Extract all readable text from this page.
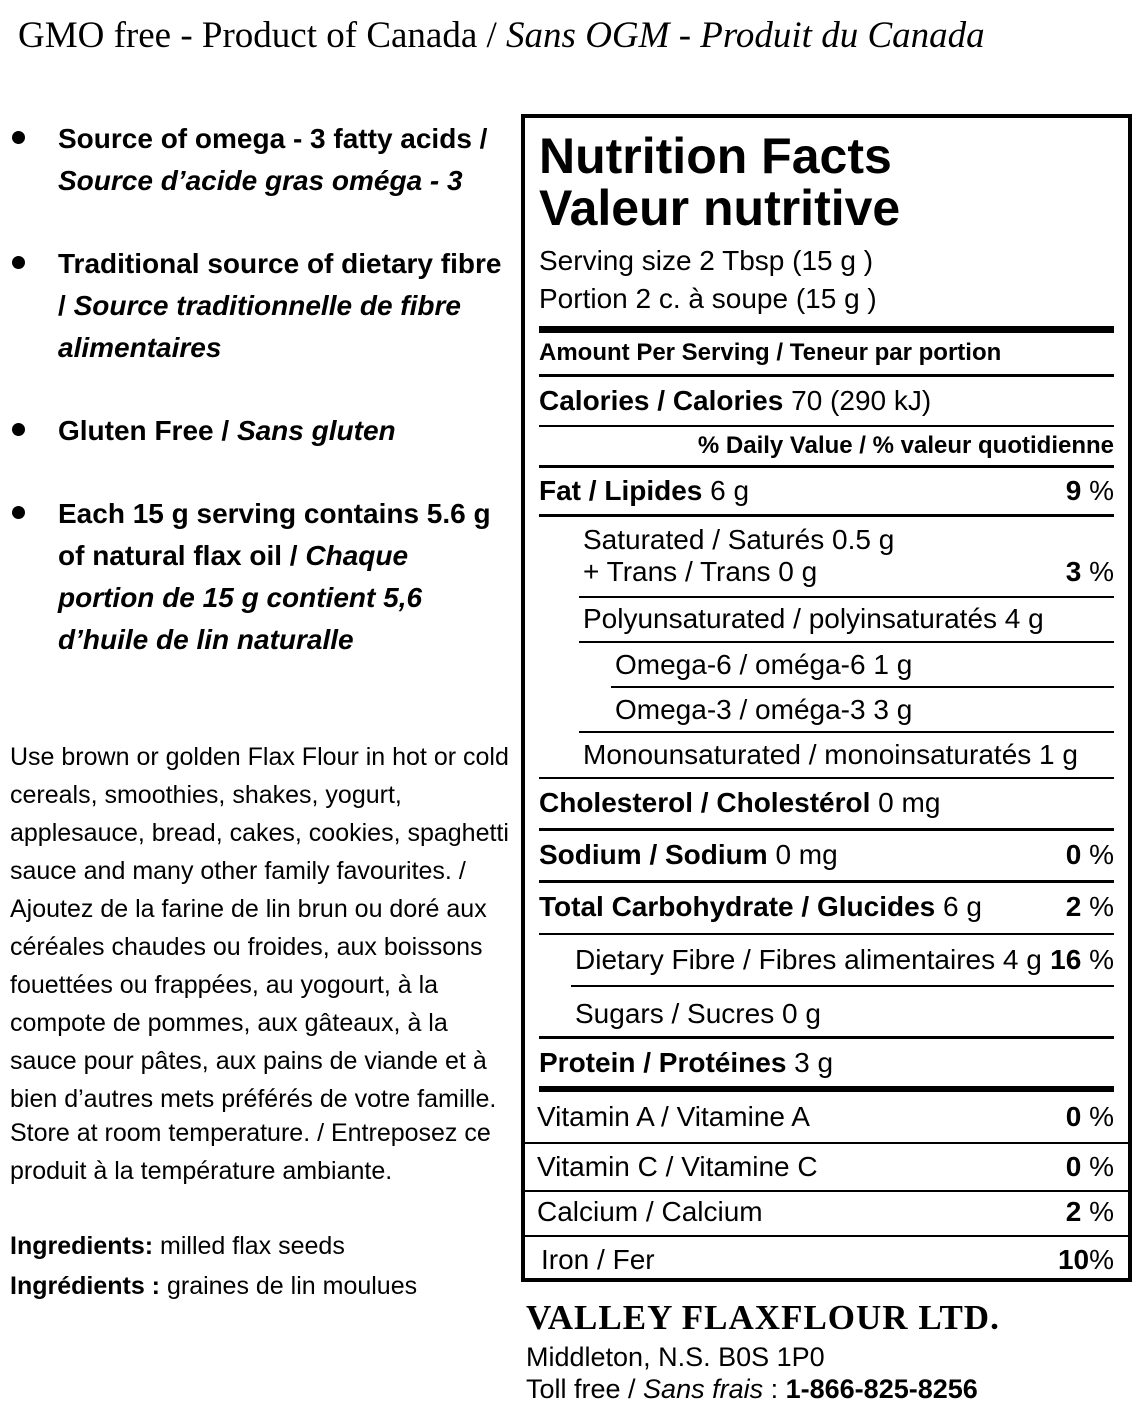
GMO free - Product of Canada / Sans OGM - Produit du Canada
Source of omega - 3 fatty acids / Source d’acide gras oméga - 3
Traditional source of dietary fibre / Source traditionnelle de fibre alimentaires
Gluten Free / Sans gluten
Each 15 g serving contains 5.6 g of natural flax oil / Chaque portion de 15 g contient 5,6 d’huile de lin naturalle
Use brown or golden Flax Flour in hot or cold cereals, smoothies, shakes, yogurt, applesauce, bread, cakes, cookies, spaghetti sauce and many other family favourites. / Ajoutez de la farine de lin brun ou doré aux céréales chaudes ou froides, aux boissons fouettées ou frappées, au yogourt, à la compote de pommes, aux gâteaux, à la sauce pour pâtes, aux pains de viande et à bien d’autres mets préférés de votre famille.
Store at room temperature. / Entreposez ce produit à la température ambiante.
Ingredients: milled flax seeds
Ingrédients : graines de lin moulues
Nutrition Facts
Valeur nutritive
Serving size 2 Tbsp (15 g )
Portion 2 c. à soupe (15 g )
Amount Per Serving / Teneur par portion
Calories / Calories 70 (290 kJ)
% Daily Value / % valeur quotidienne
Fat / Lipides 6 g	9 %
Saturated / Saturés 0.5 g
+ Trans / Trans 0 g	3 %
Polyunsaturated / polyinsaturatés 4 g
Omega-6 / oméga-6 1 g
Omega-3 / oméga-3 3 g
Monounsaturated / monoinsaturatés 1 g
Cholesterol / Cholestérol 0 mg
Sodium / Sodium 0 mg	0 %
Total Carbohydrate / Glucides 6 g	2 %
Dietary Fibre / Fibres alimentaires 4 g 16 %
Sugars / Sucres 0 g
Protein / Protéines 3 g
Vitamin A / Vitamine A	0 %
Vitamin C / Vitamine C	0 %
Calcium / Calcium	2 %
Iron / Fer	10%
VALLEY FLAXFLOUR LTD.
Middleton, N.S. B0S 1P0
Toll free / Sans frais : 1-866-825-8256
